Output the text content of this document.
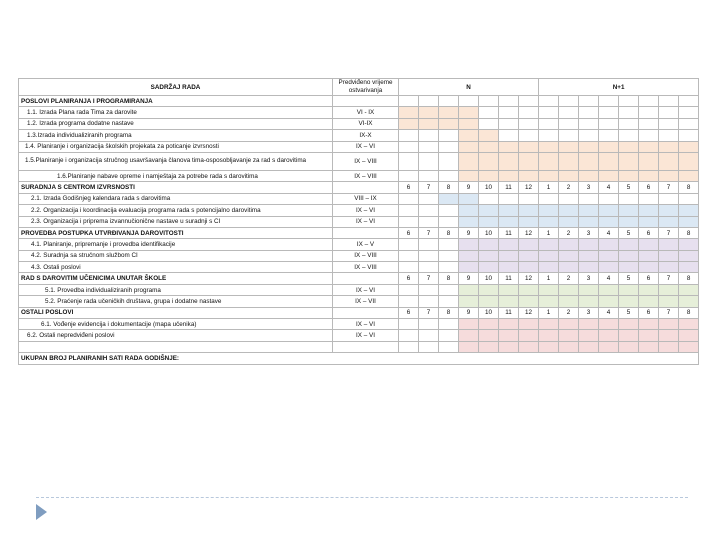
SADRŽAJ RADA	Predviđeno vrijeme ostvarivanja	N							N+1							
POSLOVI PLANIRANJA I PROGRAMIRANJA																
1.1. Izrada Plana rada Tima za darovite	VI - IX															
1.2. Izrada programa dodatne nastave	VI-IX															
1.3.Izrada individualiziranih programa	IX-X															
1.4. Planiranje i organizacija školskih projekata za poticanje izvrsnosti	IX – VI															
1.5.Planiranje i organizacija stručnog usavršavanja članova tima-osposobljavanje za rad s darovitima	IX – VIII															
1.6.Planiranje nabave opreme i namještaja za potrebe rada s darovitima	IX – VIII															
SURADNJA S CENTROM IZVRSNOSTI		6	7	8	9	10	11	12	1	2	3	4	5	6	7	8
2.1. Izrada Godišnjeg kalendara rada s darovitima	VIII – IX															
2.2. Organizacija i koordinacija evaluacija programa rada s potencijalno darovitima	IX – VI															
2.3. Organizacija i priprema izvannučionične nastave u suradnji s CI	IX – VI															
PROVEDBA POSTUPKA UTVRĐIVANJA DAROVITOSTI		6	7	8	9	10	11	12	1	2	3	4	5	6	7	8
4.1. Planiranje, pripremanje i provedba identifikacije	IX – V															
4.2. Suradnja sa stručnom službom CI	IX – VIII															
4.3. Ostali poslovi	IX – VIII															
RAD S DAROVITIM UČENICIMA UNUTAR ŠKOLE		6	7	8	9	10	11	12	1	2	3	4	5	6	7	8
5.1. Provedba individualiziranih programa	IX – VI															
5.2. Praćenje rada učeničkih društava, grupa i dodatne nastave	IX – VII															
OSTALI POSLOVI		6	7	8	9	10	11	12	1	2	3	4	5	6	7	8
6.1. Vođenje evidencija i dokumentacije (mapa učenika)	IX – VI															
6.2. Ostali nepredviđeni poslovi	IX – VI															

UKUPAN BROJ PLANIRANIH SATI RADA GODIŠNJE:																
